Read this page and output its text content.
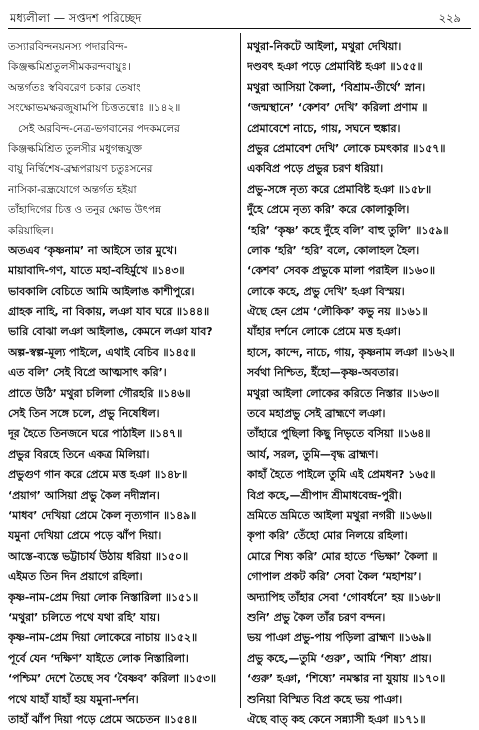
মধ্যলীলা — সপ্তদশ পরিচ্ছেদ	২২৯
তস্যারবিন্দনয়নস্য পদারবিন্দ-
কিঞ্জল্কমিশ্রতুলসীমকরন্দবায়ুঃ।
অন্তর্গতঃ স্ববিবরেণ চকার তেষাং
সংক্ষোভমক্ষরজুষামপি চিত্ততন্বোঃ ॥১৪২॥
সেই অরবিন্দ-নেত্র-ভগবানের পদকমলের
কিঞ্জল্কমিশ্রিত তুলসীর মধুগন্ধযুক্ত
বায়ু নির্দ্বিশেষ-ব্রহ্মপরায়ণ চতুঃসনের
নাসিকা-রন্ধ্রযোগে অন্তর্গত হইয়া
তাঁহাদিগের চিত্ত ও তনুর ক্ষোভ উৎপন্ন
করিয়াছিল।
অতএব ‘কৃষ্ণনাম’ না আইসে তার মুখে।
মায়াবাদি-গণ, যাতে মহা-বহির্মুখে ॥১৪৩॥
ভাবকালি বেচিতে আমি আইলাঙ কাশীপুরে।
গ্রাহক নাহি, না বিকায়, লঞা যাব ঘরে ॥১৪৪॥
ভারি বোঝা লঞা আইলাঙ, কেমনে লঞা যাব?
অল্প-স্বল্প-মূল্য পাইলে, এথাই বেচিব ॥১৪৫॥
এত বলি’ সেই বিপ্রে আত্মসাৎ করি’।
প্রাতে উঠি’ মথুরা চলিলা গৌরহরি ॥১৪৬॥
সেই তিন সঙ্গে চলে, প্রভু নিষেধিল।
দূর হৈতে তিনজনে ঘরে পাঠাইল ॥১৪৭॥
প্রভুর বিরহে তিনে একত্র মিলিয়া।
প্রভুগুণ গান করে প্রেমে মত্ত হঞা ॥১৪৮॥
‘প্রয়াগ’ আসিয়া প্রভু কৈল নদীস্নান।
‘মাধব’ দেখিয়া প্রেমে কৈল নৃত্যগান ॥১৪৯॥
যমুনা দেখিয়া প্রেমে পড়ে ঝাঁপ দিয়া।
আস্তে-ব্যস্তে ভট্টাচার্য উঠায় ধরিয়া ॥১৫০॥
এইমত তিন দিন প্রয়াগে রহিলা।
কৃষ্ণ-নাম-প্রেম দিয়া লোক নিস্তারিলা ॥১৫১॥
‘মথুরা’ চলিতে পথে যথা রহি’ যায়।
কৃষ্ণ-নাম-প্রেম দিয়া লোকেরে নাচায় ॥১৫২॥
পূর্বে যেন ‘দক্ষিণ’ যাইতে লোক নিস্তারিলা।
‘পশ্চিম’ দেশে তৈছে সব ‘বৈষ্ণব’ করিলা ॥১৫৩॥
পথে যাহাঁ যাহাঁ হয় যমুনা-দর্শন।
তাহাঁ ঝাঁপ দিয়া পড়ে প্রেমে অচেতন ॥১৫৪॥
মথুরা-নিকটে আইলা, মথুরা দেখিয়া।
দণ্ডবৎ হঞা পড়ে প্রেমাবিষ্ট হঞা ॥১৫৫॥
মথুরা আসিয়া কৈলা, ‘বিশ্রাম-তীর্থে’ স্নান।
‘জন্মস্থানে’ ‘কেশব’ দেখি’ করিলা প্রণাম ॥
প্রেমাবেশে নাচে, গায়, সঘনে হুঙ্কার।
প্রভুর প্রেমাবেশ দেখি’ লোকে চমৎকার ॥১৫৭॥
একবিপ্র পড়ে প্রভুর চরণ ধরিয়া।
প্রভু-সঙ্গে নৃত্য করে প্রেমাবিষ্ট হঞা ॥১৫৮॥
দুঁহে প্রেমে নৃত্য করি’ করে কোলাকুলি।
‘হরি’ ‘কৃষ্ণ’ কহে দুঁহে বলি’ বাহু তুলি’ ॥১৫৯॥
লোক ‘হরি’ ‘হরি’ বলে, কোলাহল হৈল।
‘কেশব’ সেবক প্রভুকে মালা পরাইল ॥১৬০॥
লোকে কহে, প্রভু দেখি’ হঞা বিস্ময়।
ঐছে হেন প্রেম ‘লৌকিক’ কভু নয় ॥১৬১॥
যাঁহার দর্শনে লোকে প্রেমে মত্ত হঞা।
হাসে, কান্দে, নাচে, গায়, কৃষ্ণনাম লঞা ॥১৬২॥
সর্বথা নিশ্চিত, ইঁহো—কৃষ্ণ-অবতার।
মথুরা আইলা লোকের করিতে নিস্তার ॥১৬৩॥
তবে মহাপ্রভু সেই ব্রাহ্মণে লঞা।
তাঁহারে পুছিলা কিছু নিভৃতে বসিয়া ॥১৬৪॥
আর্য, সরল, তুমি—বৃদ্ধ ব্রাহ্মণ।
কাহাঁ হৈতে পাইলে তুমি এই প্রেমধন? ১৬৫॥
বিপ্র কহে,—শ্রীপাদ শ্রীমাধবেন্দ্র-পুরী।
ভ্রমিতে ভ্রমিতে আইলা মথুরা নগরী ॥১৬৬॥
কৃপা করি’ তেঁহো মোর নিলয়ে রহিলা।
মোরে শিষ্য করি’ মোর হাতে ‘ভিক্ষা’ কৈলা ॥
গোপাল প্রকট করি’ সেবা কৈল ‘মহাশয়’।
অদ্যাপিহ তাঁহার সেবা ‘গোবর্ধনে’ হয় ॥১৬৮॥
শুনি’ প্রভু কৈল তাঁর চরণ বন্দন।
ভয় পাঞা প্রভু-পায় পড়িলা ব্রাহ্মণ ॥১৬৯॥
প্রভু কহে,—তুমি ‘গুরু’, আমি ‘শিষ্য’ প্রায়।
‘গুরু’ হঞা, ‘শিষ্যে’ নমস্কার না যুয়ায় ॥১৭০॥
শুনিয়া বিস্মিত বিপ্র কহে ভয় পাঞা।
ঐছে বাত্ কহ কেনে সন্ন্যাসী হঞা ॥১৭১॥
